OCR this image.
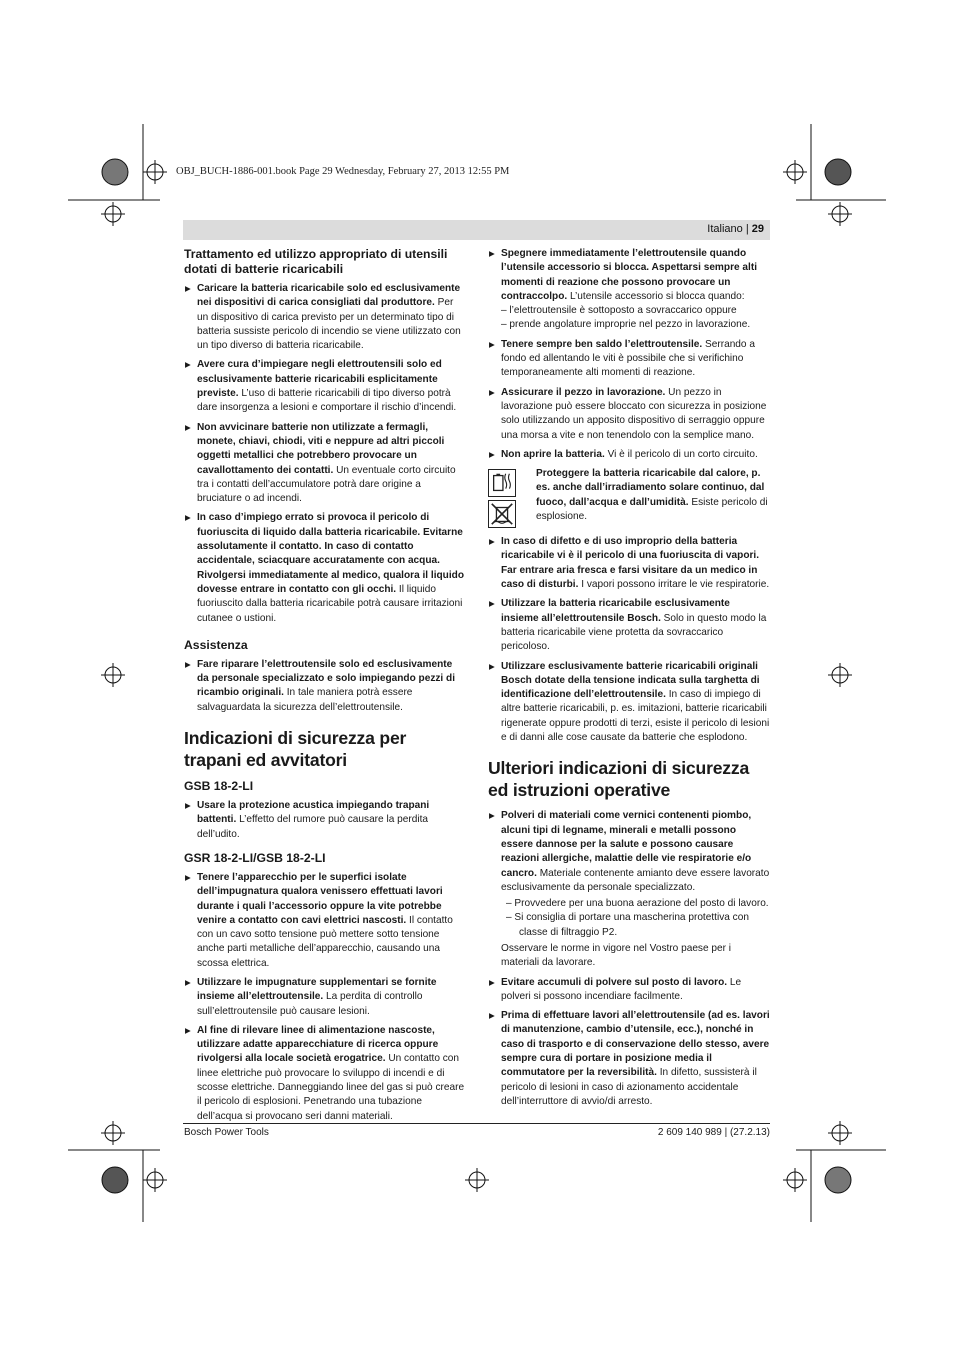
OBJ_BUCH-1886-001.book Page 29 Wednesday, February 27, 2013 12:55 PM
Italiano | 29
Trattamento ed utilizzo appropriato di utensili dotati di batterie ricaricabili
▶ Caricare la batteria ricaricabile solo ed esclusivamente nei dispositivi di carica consigliati dal produttore. Per un dispositivo di carica previsto per un determinato tipo di batteria sussiste pericolo di incendio se viene utilizzato con un tipo diverso di batteria ricaricabile.
▶ Avere cura d’impiegare negli elettroutensili solo ed esclusivamente batterie ricaricabili esplicitamente previste. L’uso di batterie ricaricabili di tipo diverso potrà dare insorgenza a lesioni e comportare il rischio d’incendi.
▶ Non avvicinare batterie non utilizzate a fermagli, monete, chiavi, chiodi, viti e neppure ad altri piccoli oggetti metallici che potrebbero provocare un cavallottamento dei contatti. Un eventuale corto circuito tra i contatti dell’accumulatore potrà dare origine a bruciature o ad incendi.
▶ In caso d’impiego errato si provoca il pericolo di fuoriuscita di liquido dalla batteria ricaricabile. Evitarne assolutamente il contatto. In caso di contatto accidentale, sciacquare accuratamente con acqua. Rivolgersi immediatamente al medico, qualora il liquido dovesse entrare in contatto con gli occhi. Il liquido fuoriuscito dalla batteria ricaricabile potrà causare irritazioni cutanee o ustioni.
Assistenza
▶ Fare riparare l’elettroutensile solo ed esclusivamente da personale specializzato e solo impiegando pezzi di ricambio originali. In tale maniera potrà essere salvaguardata la sicurezza dell’elettroutensile.
Indicazioni di sicurezza per trapani ed avvitatori
GSB 18-2-LI
▶ Usare la protezione acustica impiegando trapani battenti. L’effetto del rumore può causare la perdita dell’udito.
GSR 18-2-LI/GSB 18-2-LI
▶ Tenere l’apparecchio per le superfici isolate dell’impugnatura qualora venissero effettuati lavori durante i quali l’accessorio oppure la vite potrebbe venire a contatto con cavi elettrici nascosti. Il contatto con un cavo sotto tensione può mettere sotto tensione anche parti metalliche dell’apparecchio, causando una scossa elettrica.
▶ Utilizzare le impugnature supplementari se fornite insieme all’elettroutensile. La perdita di controllo sull’elettroutensile può causare lesioni.
▶ Al fine di rilevare linee di alimentazione nascoste, utilizzare adatte apparecchiature di ricerca oppure rivolgersi alla locale società erogatrice. Un contatto con linee elettriche può provocare lo sviluppo di incendi e di scosse elettriche. Danneggiando linee del gas si può creare il pericolo di esplosioni. Penetrando una tubazione dell’acqua si provocano seri danni materiali.
▶ Spegnere immediatamente l’elettroutensile quando l’utensile accessorio si blocca. Aspettarsi sempre alti momenti di reazione che possono provocare un contraccolpo. L’utensile accessorio si blocca quando:
– l’elettroutensile è sottoposto a sovraccarico oppure
– prende angolature improprie nel pezzo in lavorazione.
▶ Tenere sempre ben saldo l’elettroutensile. Serrando a fondo ed allentando le viti è possibile che si verifichino temporaneamente alti momenti di reazione.
▶ Assicurare il pezzo in lavorazione. Un pezzo in lavorazione può essere bloccato con sicurezza in posizione solo utilizzando un apposito dispositivo di serraggio oppure una morsa a vite e non tenendolo con la semplice mano.
▶ Non aprire la batteria. Vi è il pericolo di un corto circuito.
Proteggere la batteria ricaricabile dal calore, p. es. anche dall’irradiamento solare continuo, dal fuoco, dall’acqua e dall’umidità. Esiste pericolo di esplosione.
▶ In caso di difetto e di uso improprio della batteria ricaricabile vi è il pericolo di una fuoriuscita di vapori. Far entrare aria fresca e farsi visitare da un medico in caso di disturbi. I vapori possono irritare le vie respiratorie.
▶ Utilizzare la batteria ricaricabile esclusivamente insieme all’elettroutensile Bosch. Solo in questo modo la batteria ricaricabile viene protetta da sovraccarico pericoloso.
▶ Utilizzare esclusivamente batterie ricaricabili originali Bosch dotate della tensione indicata sulla targhetta di identificazione dell’elettroutensile. In caso di impiego di altre batterie ricaricabili, p. es. imitazioni, batterie ricaricabili rigenerate oppure prodotti di terzi, esiste il pericolo di lesioni e di danni alle cose causate da batterie che esplodono.
Ulteriori indicazioni di sicurezza ed istruzioni operative
▶ Polveri di materiali come vernici contenenti piombo, alcuni tipi di legname, minerali e metalli possono essere dannose per la salute e possono causare reazioni allergiche, malattie delle vie respiratorie e/o cancro. Materiale contenente amianto deve essere lavorato esclusivamente da personale specializzato.
– Provvedere per una buona aerazione del posto di lavoro.
– Si consiglia di portare una mascherina protettiva con classe di filtraggio P2.
Osservare le norme in vigore nel Vostro paese per i materiali da lavorare.
▶ Evitare accumuli di polvere sul posto di lavoro. Le polveri si possono incendiare facilmente.
▶ Prima di effettuare lavori all’elettroutensile (ad es. lavori di manutenzione, cambio d’utensile, ecc.), nonché in caso di trasporto e di conservazione dello stesso, avere sempre cura di portare in posizione media il commutatore per la reversibilità. In difetto, sussisterà il pericolo di lesioni in caso di azionamento accidentale dell’interruttore di avvio/di arresto.
Bosch Power Tools	2 609 140 989 | (27.2.13)
